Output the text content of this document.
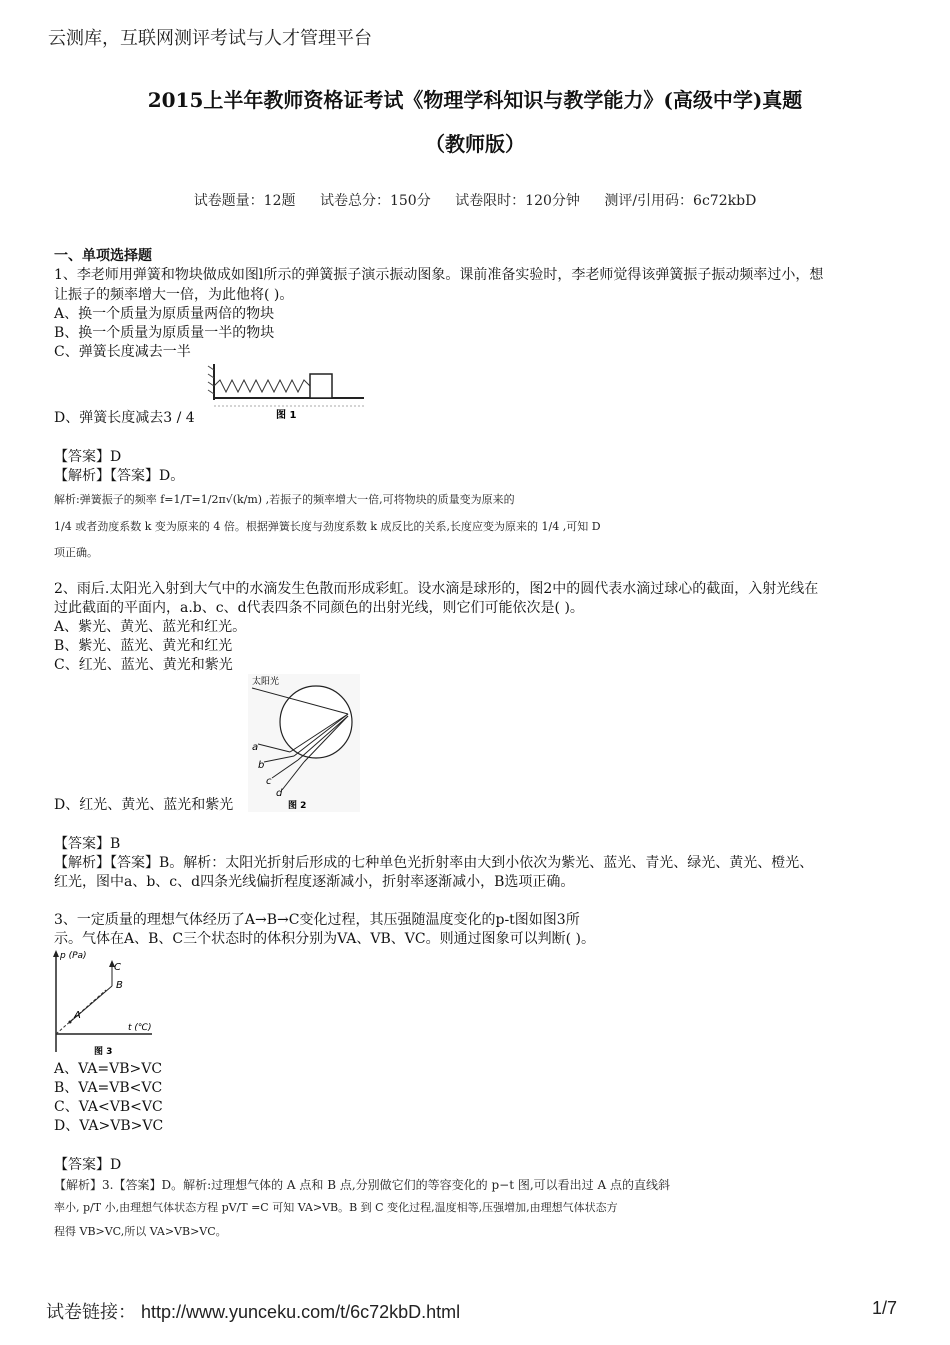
云测库，互联网测评考试与人才管理平台
2015上半年教师资格证考试《物理学科知识与教学能力》(高级中学)真题
（教师版）
试卷题量：12题 试卷总分：150分 试卷限时：120分钟 测评/引用码：6c72kbD
一、单项选择题
1、李老师用弹簧和物块做成如图l所示的弹簧振子演示振动图象。课前准备实验时，李老师觉得该弹簧振子振动频率过小，想
让振子的频率增大一倍，为此他将( )。
A、换一个质量为原质量两倍的物块
B、换一个质量为原质量一半的物块
C、弹簧长度减去一半
D、弹簧长度减去3 / 4	图 1
【答案】D
【解析】【答案】D。
解析:弹簧振子的频率 f=1/T=1/2π√(k/m) ,若振子的频率增大一倍,可将物块的质量变为原来的
1/4 或者劲度系数 k 变为原来的 4 倍。根据弹簧长度与劲度系数 k 成反比的关系,长度应变为原来的 1/4 ,可知 D
项正确。
2、雨后.太阳光入射到大气中的水滴发生色散而形成彩虹。设水滴是球形的，图2中的圆代表水滴过球心的截面，入射光线在
过此截面的平面内，a.b、c、d代表四条不同颜色的出射光线，则它们可能依次是( )。
A、紫光、黄光、蓝光和红光。
B、紫光、蓝光、黄光和红光
C、红光、蓝光、黄光和紫光
D、红光、黄光、蓝光和紫光
太阳光
a
b
c
d
图 2
【答案】B
【解析】【答案】B。解析：太阳光折射后形成的七种单色光折射率由大到小依次为紫光、蓝光、青光、绿光、黄光、橙光、
红光，图中a、b、c、d四条光线偏折程度逐渐减小，折射率逐渐减小，B选项正确。
3、一定质量的理想气体经历了A→B→C变化过程，其压强随温度变化的p-t图如图3所
示。气体在A、B、C三个状态时的体积分别为VA、VB、VC。则通过图象可以判断( )。
p (Pa)
t (℃)
A
B
C
图 3
A、VA=VB>VC
B、VA=VB<VC
C、VA<VB<VC
D、VA>VB>VC
【答案】D
【解析】3.【答案】D。解析:过理想气体的 A 点和 B 点,分别做它们的等容变化的 p−t 图,可以看出过 A 点的直线斜
率小, p/T 小,由理想气体状态方程 pV/T =C 可知 VA>VB。B 到 C 变化过程,温度相等,压强增加,由理想气体状态方
程得 VB>VC,所以 VA>VB>VC。
试卷链接： http://www.yunceku.com/t/6c72kbD.html	1/7
